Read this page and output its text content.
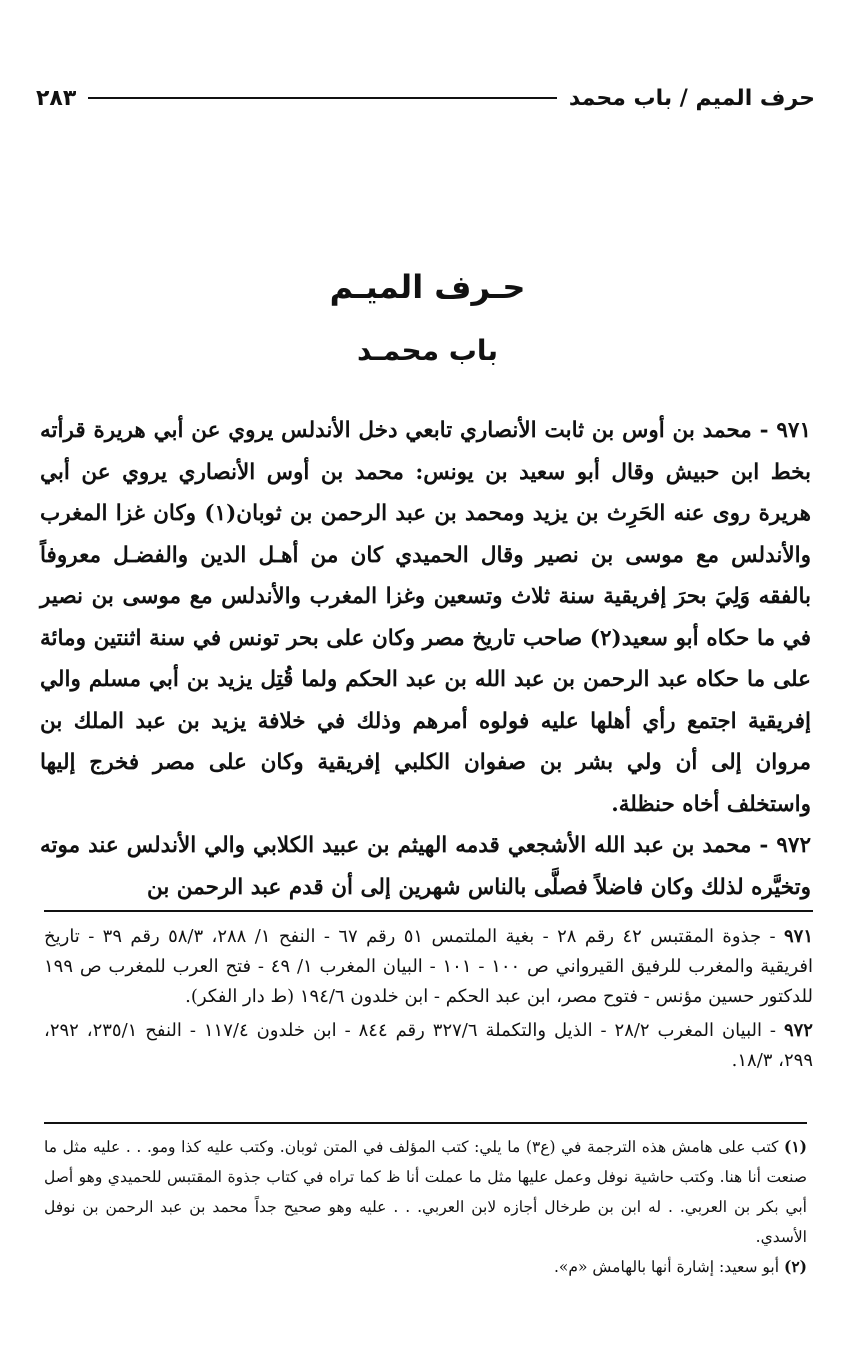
حرف الميم / باب محمد
٢٨٣
حـرف الميـم
باب محمـد

٩٧١ - محمد بن أوس بن ثابت الأنصاري تابعي دخل الأندلس يروي عن أبي هريرة قرأته بخط ابن حبيش وقال أبو سعيد بن يونس: محمد بن أوس الأنصاري يروي عن أبي هريرة روى عنه الحَرِث بن يزيد ومحمد بن عبد الرحمن بن ثوبان(١) وكان غزا المغرب والأندلس مع موسى بن نصير وقال الحميدي كان من أهـل الدين والفضـل معروفاً بالفقه وَلِيَ بحرَ إفريقية سنة ثلاث وتسعين وغزا المغرب والأندلس مع موسى بن نصير في ما حكاه أبو سعيد(٢) صاحب تاريخ مصر وكان على بحر تونس في سنة اثنتين ومائة على ما حكاه عبد الرحمن بن عبد الله بن عبد الحكم ولما قُتِل يزيد بن أبي مسلم والي إفريقية اجتمع رأي أهلها عليه فولوه أمرهم وذلك في خلافة يزيد بن عبد الملك بن مروان إلى أن ولي بشر بن صفوان الكلبي إفريقية وكان على مصر فخرج إليها واستخلف أخاه حنظلة.

٩٧٢ - محمد بن عبد الله الأشجعي قدمه الهيثم بن عبيد الكلابي والي الأندلس عند موته وتخيَّره لذلك وكان فاضلاً فصلَّى بالناس شهرين إلى أن قدم عبد الرحمن بن

٩٧١ - جذوة المقتبس ٤٢ رقم ٢٨ - بغية الملتمس ٥١ رقم ٦٧ - النفح ١/ ٢٨٨، ٥٨/٣ رقم ٣٩ - تاريخ افريقية والمغرب للرفيق القيرواني ص ١٠٠ - ١٠١ - البيان المغرب ١/ ٤٩ - فتح العرب للمغرب ص ١٩٩ للدكتور حسين مؤنس - فتوح مصر، ابن عبد الحكم - ابن خلدون ١٩٤/٦ (ط دار الفكر).

٩٧٢ - البيان المغرب ٢٨/٢ - الذيل والتكملة ٣٢٧/٦ رقم ٨٤٤ - ابن خلدون ١١٧/٤ - النفح ٢٣٥/١، ٢٩٢، ٢٩٩، ١٨/٣.

(١) كتب على هامش هذه الترجمة في (ع٣) ما يلي: كتب المؤلف في المتن ثوبان. وكتب عليه كذا ومو. . . عليه مثل ما صنعت أنا هنا. وكتب حاشية نوفل وعمل عليها مثل ما عملت أنا ظ كما تراه في كتاب جذوة المقتبس للحميدي وهو أصل أبي بكر بن العربي. . له ابن بن طرخال أجازه لابن العربي. . . عليه وهو صحيح جداً محمد بن عبد الرحمن بن نوفل الأسدي.

(٢) أبو سعيد: إشارة أنها بالهامش «م».
